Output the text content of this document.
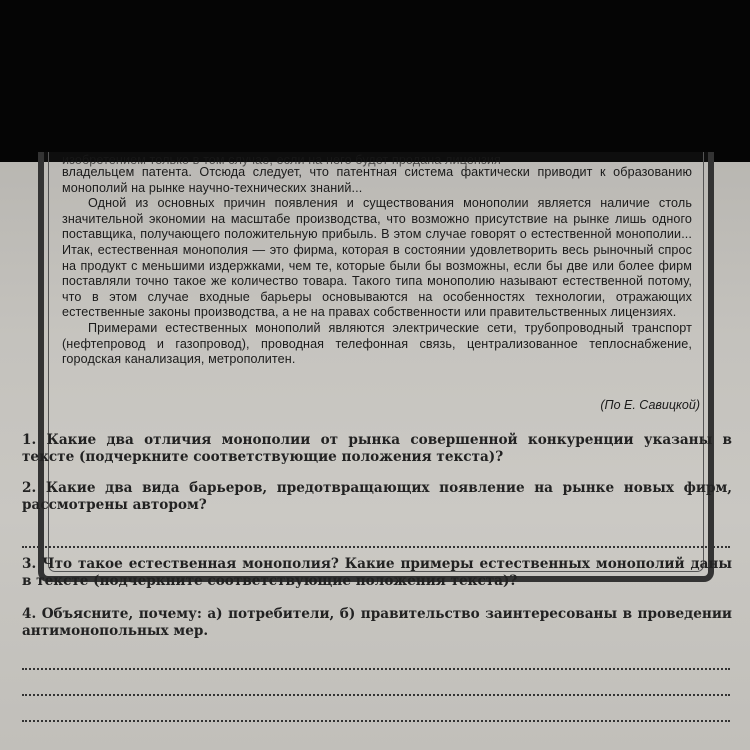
изобретением только в том случае, если на него будет продана лицензия

владельцем патента. Отсюда следует, что патентная система фактически приводит к образованию монополий на рынке научно-технических знаний...

Одной из основных причин появления и существования монополии является наличие столь значительной экономии на масштабе производства, что возможно присутствие на рынке лишь одного поставщика, получающего положительную прибыль. В этом случае говорят о естественной монополии... Итак, естественная монополия — это фирма, которая в состоянии удовлетворить весь рыночный спрос на продукт с меньшими издержками, чем те, которые были бы возможны, если бы две или более фирм поставляли точно такое же количество товара. Такого типа монополию называют естественной потому, что в этом случае входные барьеры основываются на особенностях технологии, отражающих естественные законы производства, а не на правах собственности или правительственных лицензиях.

Примерами естественных монополий являются электрические сети, трубопроводный транспорт (нефтепровод и газопровод), проводная телефонная связь, централизованное теплоснабжение, городская канализация, метрополитен.

(По Е. Савицкой)

1. Какие два отличия монополии от рынка совершенной конкуренции указаны в тексте (подчеркните соответствующие положения текста)?

2. Какие два вида барьеров, предотвращающих появление на рынке новых фирм, рассмотрены автором?

3. Что такое естественная монополия? Какие примеры естественных монополий даны в тексте (подчеркните соответствующие положения текста)?

4. Объясните, почему: а) потребители, б) правительство заинтересованы в проведении антимонопольных мер.
